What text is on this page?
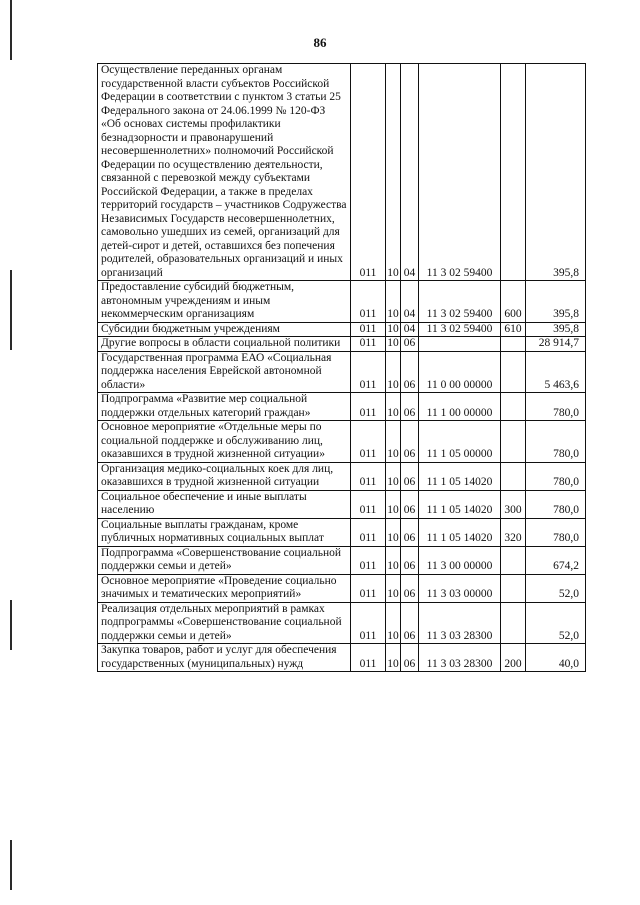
86
Осуществление переданных органам государственной власти субъектов Российской Федерации в соответствии с пунктом 3 статьи 25 Федерального закона от 24.06.1999 № 120-ФЗ «Об основах системы профилактики безнадзорности и правонарушений несовершеннолетних» полномочий Российской Федерации по осуществлению деятельности, связанной с перевозкой между субъектами Российской Федерации, а также в пределах территорий государств – участников Содружества Независимых Государств несовершеннолетних, самовольно ушедших из семей, организаций для детей-сирот и детей, оставшихся без попечения родителей, образовательных организаций и иных организаций	011	10	04	11 3 02 59400		395,8
Предоставление субсидий бюджетным, автономным учреждениям и иным некоммерческим организациям	011	10	04	11 3 02 59400	600	395,8
Субсидии бюджетным учреждениям	011	10	04	11 3 02 59400	610	395,8
Другие вопросы в области социальной политики	011	10	06			28 914,7
Государственная программа ЕАО «Социальная поддержка населения Еврейской автономной области»	011	10	06	11 0 00 00000		5 463,6
Подпрограмма «Развитие мер социальной поддержки отдельных категорий граждан»	011	10	06	11 1 00 00000		780,0
Основное мероприятие «Отдельные меры по социальной поддержке и обслуживанию лиц, оказавшихся в трудной жизненной ситуации»	011	10	06	11 1 05 00000		780,0
Организация медико-социальных коек для лиц, оказавшихся в трудной жизненной ситуации	011	10	06	11 1 05 14020		780,0
Социальное обеспечение и иные выплаты населению	011	10	06	11 1 05 14020	300	780,0
Социальные выплаты гражданам, кроме публичных нормативных социальных выплат	011	10	06	11 1 05 14020	320	780,0
Подпрограмма «Совершенствование социальной поддержки семьи и детей»	011	10	06	11 3 00 00000		674,2
Основное мероприятие «Проведение социально значимых и тематических мероприятий»	011	10	06	11 3 03 00000		52,0
Реализация отдельных мероприятий в рамках подпрограммы «Совершенствование социальной поддержки семьи и детей»	011	10	06	11 3 03 28300		52,0
Закупка товаров, работ и услуг для обеспечения государственных (муниципальных) нужд	011	10	06	11 3 03 28300	200	40,0
